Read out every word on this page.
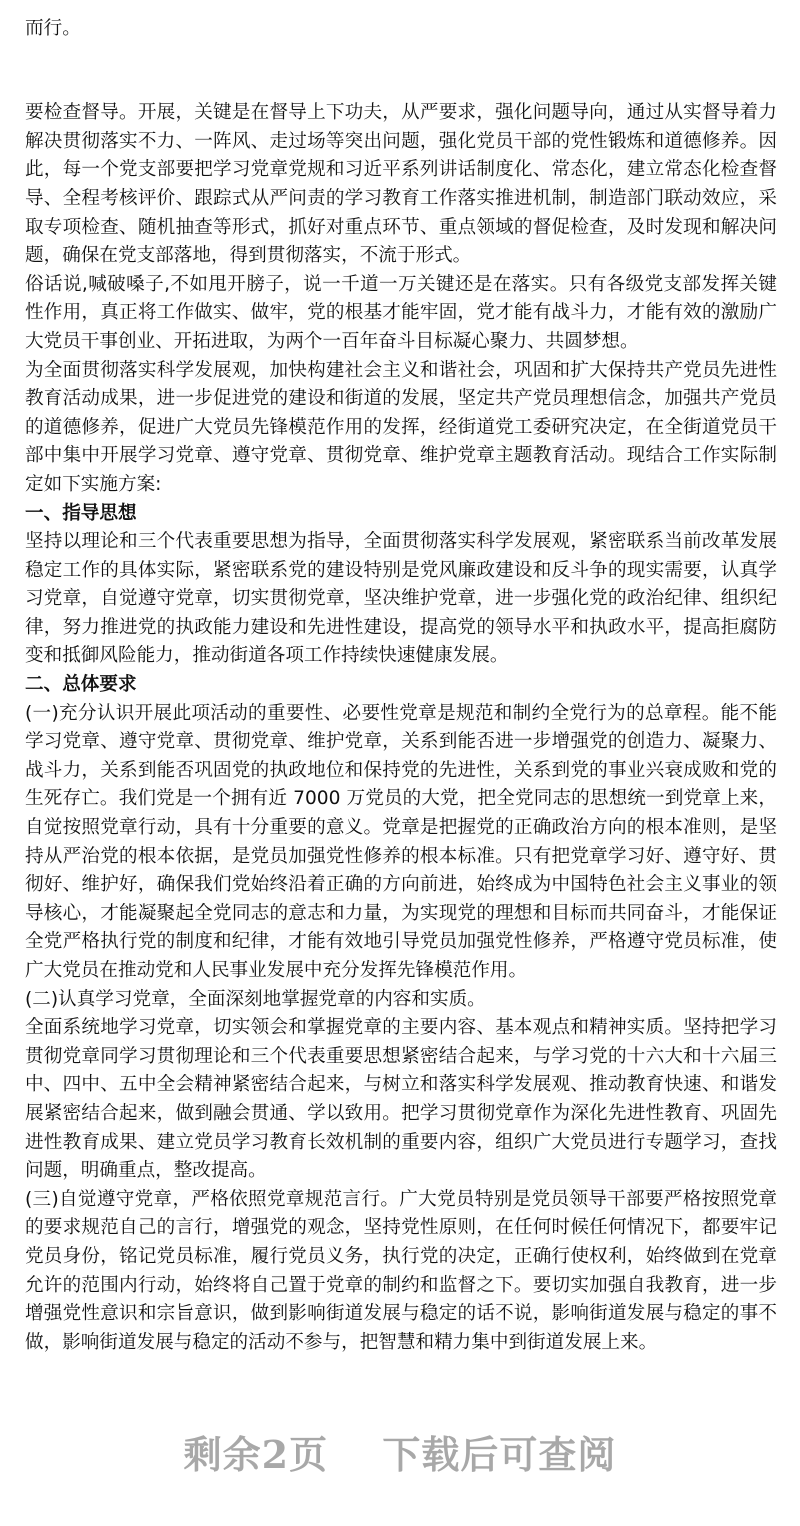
而行。

要检查督导。开展，关键是在督导上下功夫，从严要求，强化问题导向，通过从实督导着力解决贯彻落实不力、一阵风、走过场等突出问题，强化党员干部的党性锻炼和道德修养。因此，每一个党支部要把学习党章党规和习近平系列讲话制度化、常态化，建立常态化检查督导、全程考核评价、跟踪式从严问责的学习教育工作落实推进机制，制造部门联动效应，采取专项检查、随机抽查等形式，抓好对重点环节、重点领域的督促检查，及时发现和解决问题，确保在党支部落地，得到贯彻落实，不流于形式。

俗话说,喊破嗓子,不如甩开膀子，说一千道一万关键还是在落实。只有各级党支部发挥关键性作用，真正将工作做实、做牢，党的根基才能牢固，党才能有战斗力，才能有效的激励广大党员干事创业、开拓进取，为两个一百年奋斗目标凝心聚力、共圆梦想。

为全面贯彻落实科学发展观，加快构建社会主义和谐社会，巩固和扩大保持共产党员先进性教育活动成果，进一步促进党的建设和街道的发展，坚定共产党员理想信念，加强共产党员的道德修养，促进广大党员先锋模范作用的发挥，经街道党工委研究决定，在全街道党员干部中集中开展学习党章、遵守党章、贯彻党章、维护党章主题教育活动。现结合工作实际制定如下实施方案:

一、指导思想

坚持以理论和三个代表重要思想为指导，全面贯彻落实科学发展观，紧密联系当前改革发展稳定工作的具体实际，紧密联系党的建设特别是党风廉政建设和反斗争的现实需要，认真学习党章，自觉遵守党章，切实贯彻党章，坚决维护党章，进一步强化党的政治纪律、组织纪律，努力推进党的执政能力建设和先进性建设，提高党的领导水平和执政水平，提高拒腐防变和抵御风险能力，推动街道各项工作持续快速健康发展。

二、总体要求

(一)充分认识开展此项活动的重要性、必要性党章是规范和制约全党行为的总章程。能不能学习党章、遵守党章、贯彻党章、维护党章，关系到能否进一步增强党的创造力、凝聚力、战斗力，关系到能否巩固党的执政地位和保持党的先进性，关系到党的事业兴衰成败和党的生死存亡。我们党是一个拥有近 7000 万党员的大党，把全党同志的思想统一到党章上来，自觉按照党章行动，具有十分重要的意义。党章是把握党的正确政治方向的根本准则，是坚持从严治党的根本依据，是党员加强党性修养的根本标准。只有把党章学习好、遵守好、贯彻好、维护好，确保我们党始终沿着正确的方向前进，始终成为中国特色社会主义事业的领导核心，才能凝聚起全党同志的意志和力量，为实现党的理想和目标而共同奋斗，才能保证全党严格执行党的制度和纪律，才能有效地引导党员加强党性修养，严格遵守党员标准，使广大党员在推动党和人民事业发展中充分发挥先锋模范作用。

(二)认真学习党章，全面深刻地掌握党章的内容和实质。

全面系统地学习党章，切实领会和掌握党章的主要内容、基本观点和精神实质。坚持把学习贯彻党章同学习贯彻理论和三个代表重要思想紧密结合起来，与学习党的十六大和十六届三中、四中、五中全会精神紧密结合起来，与树立和落实科学发展观、推动教育快速、和谐发展紧密结合起来，做到融会贯通、学以致用。把学习贯彻党章作为深化先进性教育、巩固先进性教育成果、建立党员学习教育长效机制的重要内容，组织广大党员进行专题学习，查找问题，明确重点，整改提高。

(三)自觉遵守党章，严格依照党章规范言行。广大党员特别是党员领导干部要严格按照党章的要求规范自己的言行，增强党的观念，坚持党性原则，在任何时候任何情况下，都要牢记党员身份，铭记党员标准，履行党员义务，执行党的决定，正确行使权利，始终做到在党章允许的范围内行动，始终将自己置于党章的制约和监督之下。要切实加强自我教育，进一步增强党性意识和宗旨意识，做到影响街道发展与稳定的话不说，影响街道发展与稳定的事不做，影响街道发展与稳定的活动不参与，把智慧和精力集中到街道发展上来。

剩余2页 下载后可查阅
